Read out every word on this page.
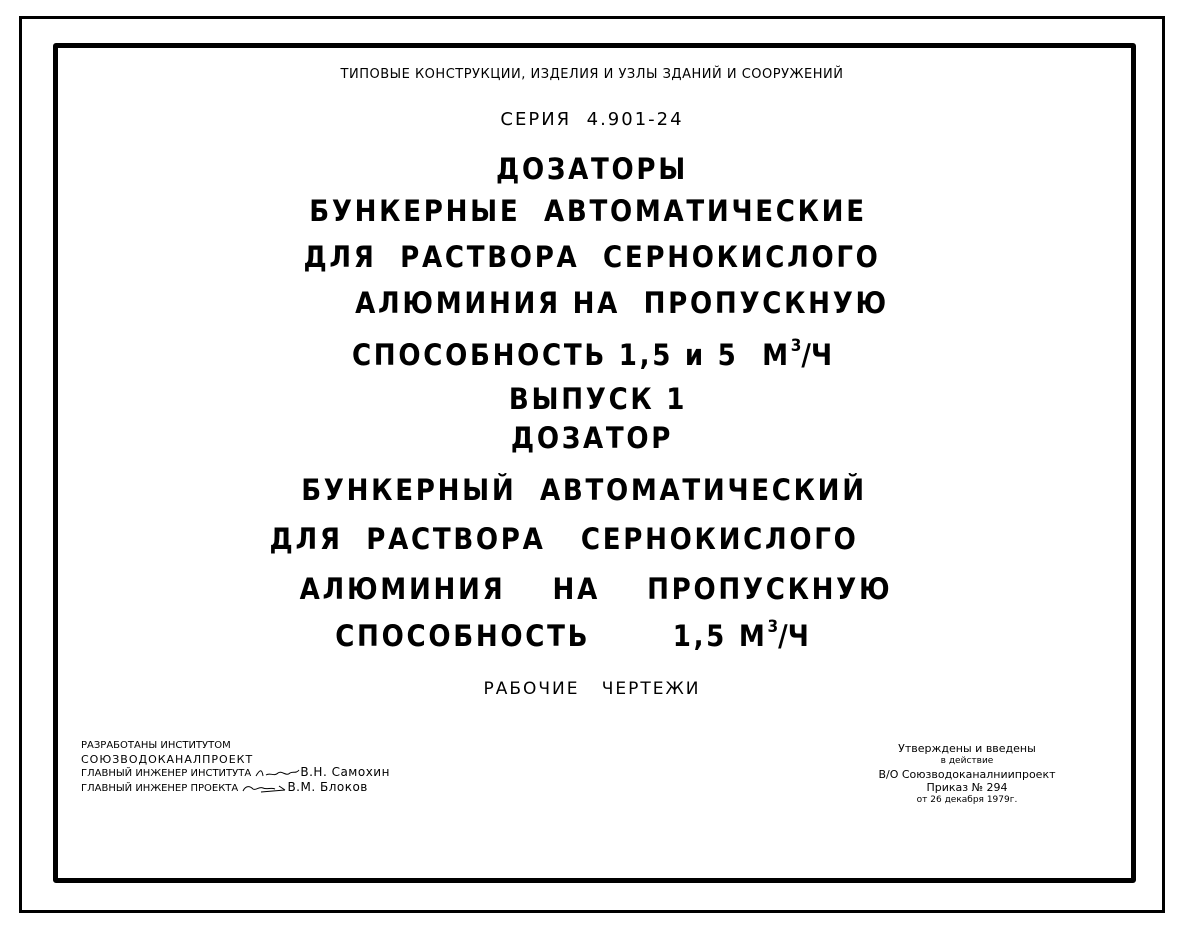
ТИПОВЫЕ КОНСТРУКЦИИ, ИЗДЕЛИЯ И УЗЛЫ ЗДАНИЙ И СООРУЖЕНИЙ
СЕРИЯ  4.901-24
ДОЗАТОРЫ
БУНКЕРНЫЕ  АВТОМАТИЧЕСКИЕ
ДЛЯ  РАСТВОРА  СЕРНОКИСЛОГО
АЛЮМИНИЯ НА  ПРОПУСКНУЮ
СПОСОБНОСТЬ 1,5 и 5  $М^3/Ч$
ВЫПУСК 1
ДОЗАТОР
БУНКЕРНЫЙ  АВТОМАТИЧЕСКИЙ
ДЛЯ  РАСТВОРА   СЕРНОКИСЛОГО
АЛЮМИНИЯ    НА    ПРОПУСКНУЮ
СПОСОБНОСТЬ       1,5 $М^3/Ч$
РАБОЧИЕ   ЧЕРТЕЖИ
РАЗРАБОТАНЫ ИНСТИТУТОМ
СОЮЗВОДОКАНАЛПРОЕКТ
ГЛАВНЫЙ ИНЖЕНЕР ИНСТИТУТА	В.Н. Самохин
ГЛАВНЫЙ ИНЖЕНЕР ПРОЕКТА	В.М. Блоков
Утверждены и введены
в действие
В/О Союзводоканалниипроект
Приказ № 294
от 26 декабря 1979г.
